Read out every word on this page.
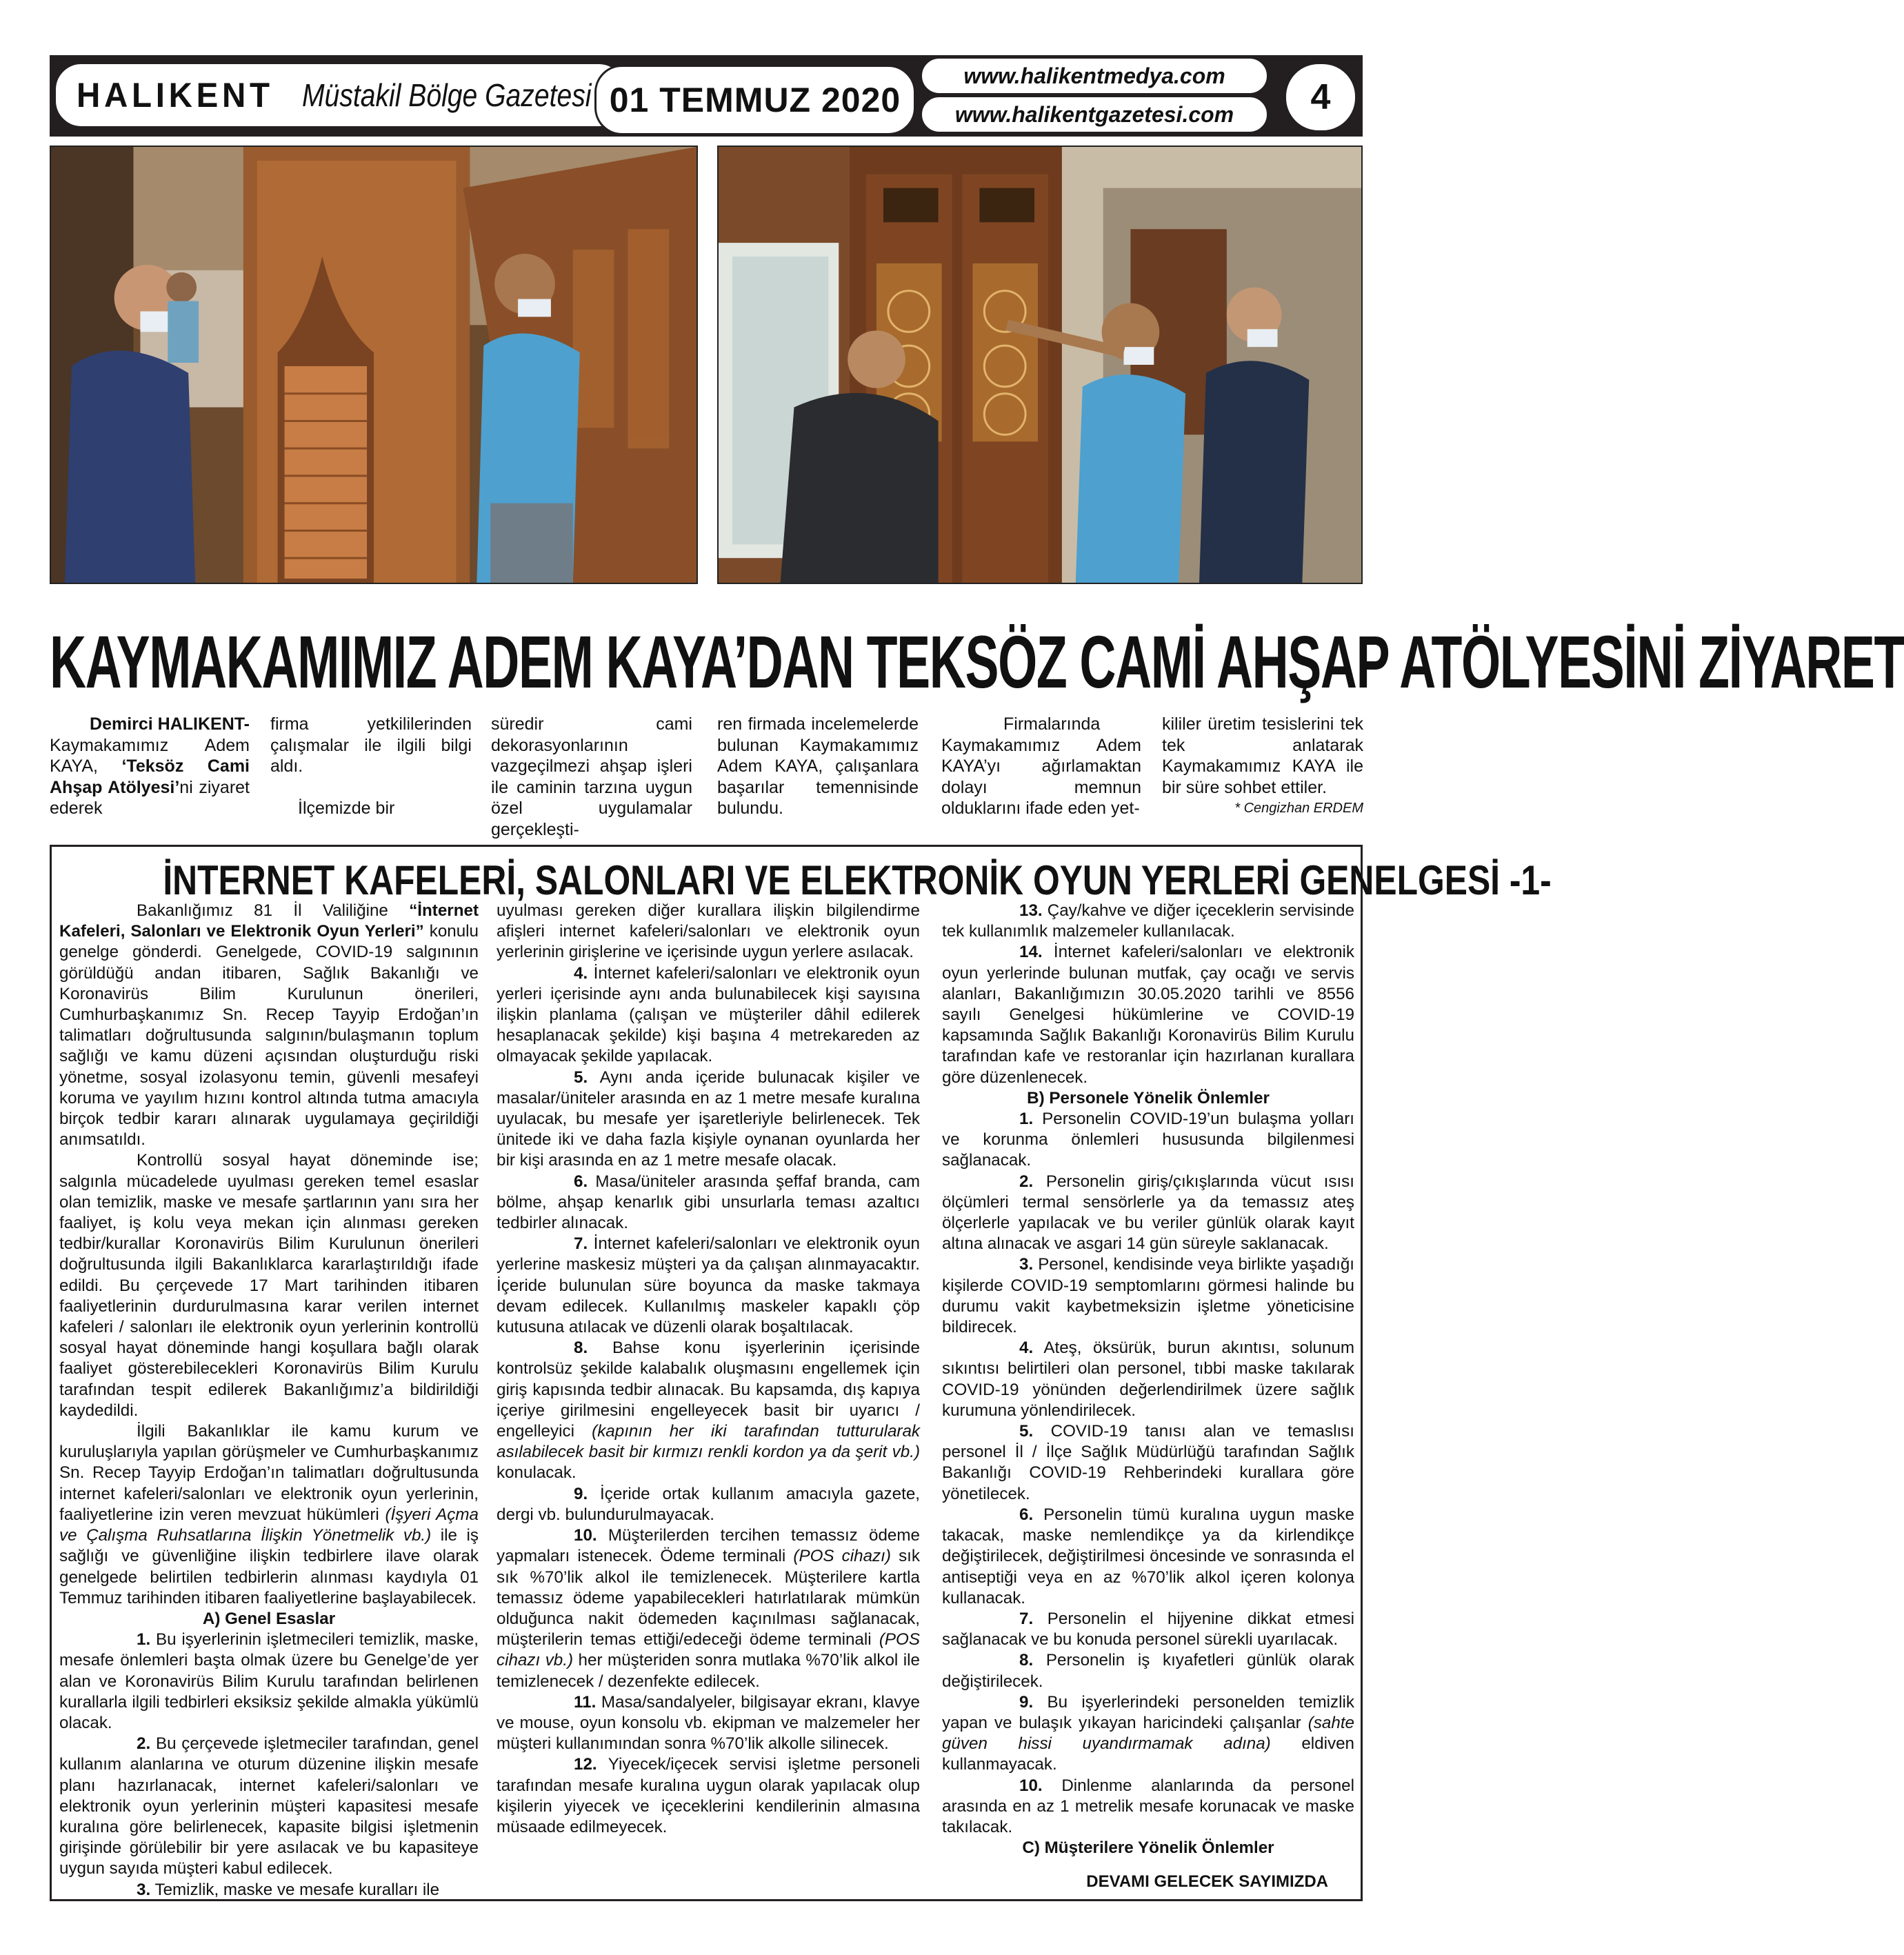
HALIKENT Müstakil Bölge Gazetesi 01 TEMMUZ 2020
www.halikentmedya.com
www.halikentgazetesi.com	4
KAYMAKAMIMIZ ADEM KAYA’DAN TEKSÖZ CAMİ AHŞAP ATÖLYESİNİ ZİYARET

Demirci HALIKENT-

Kaymakamımız Adem KAYA, ‘Teksöz Cami Ahşap Atölyesi’ni ziyaret ederek

firma yetkililerinden çalışmalar ile ilgili bilgi aldı.

İlçemizde bir

süredir cami dekorasyonlarının vazgeçilmezi ahşap işleri ile caminin tarzına uygun özel uygulamalar gerçekleşti-

ren firmada incelemelerde bulunan Kaymakamımız Adem KAYA, çalışanlara başarılar temennisinde bulundu.

Firmalarında Kaymakamımız Adem KAYA’yı ağırlamaktan dolayı memnun olduklarını ifade eden yet-

kililer üretim tesislerini tek tek anlatarak Kaymakamımız KAYA ile bir süre sohbet ettiler.

* Cengizhan ERDEM

İNTERNET KAFELERİ, SALONLARI VE ELEKTRONİK OYUN YERLERİ GENELGESİ -1-

Bakanlığımız 81 İl Valiliğine “İnternet Kafeleri, Salonları ve Elektronik Oyun Yerleri” konulu genelge gönderdi. Genelgede, COVID-19 salgınının görüldüğü andan itibaren, Sağlık Bakanlığı ve Koronavirüs Bilim Kurulunun önerileri, Cumhurbaşkanımız Sn. Recep Tayyip Erdoğan’ın talimatları doğrultusunda salgının/bulaşmanın toplum sağlığı ve kamu düzeni açısından oluşturduğu riski yönetme, sosyal izolasyonu temin, güvenli mesafeyi koruma ve yayılım hızını kontrol altında tutma amacıyla birçok tedbir kararı alınarak uygulamaya geçirildiği anımsatıldı.

Kontrollü sosyal hayat döneminde ise; salgınla mücadelede uyulması gereken temel esaslar olan temizlik, maske ve mesafe şartlarının yanı sıra her faaliyet, iş kolu veya mekan için alınması gereken tedbir/kurallar Koronavirüs Bilim Kurulunun önerileri doğrultusunda ilgili Bakanlıklarca kararlaştırıldığı ifade edildi. Bu çerçevede 17 Mart tarihinden itibaren faaliyetlerinin durdurulmasına karar verilen internet kafeleri / salonları ile elektronik oyun yerlerinin kontrollü sosyal hayat döneminde hangi koşullara bağlı olarak faaliyet gösterebilecekleri Koronavirüs Bilim Kurulu tarafından tespit edilerek Bakanlığımız’a bildirildiği kaydedildi.

İlgili Bakanlıklar ile kamu kurum ve kuruluşlarıyla yapılan görüşmeler ve Cumhurbaşkanımız Sn. Recep Tayyip Erdoğan’ın talimatları doğrultusunda internet kafeleri/salonları ve elektronik oyun yerlerinin, faaliyetlerine izin veren mevzuat hükümleri (İşyeri Açma ve Çalışma Ruhsatlarına İlişkin Yönetmelik vb.) ile iş sağlığı ve güvenliğine ilişkin tedbirlere ilave olarak genelgede belirtilen tedbirlerin alınması kaydıyla 01 Temmuz tarihinden itibaren faaliyetlerine başlayabilecek.

A) Genel Esaslar

1. Bu işyerlerinin işletmecileri temizlik, maske, mesafe önlemleri başta olmak üzere bu Genelge’de yer alan ve Koronavirüs Bilim Kurulu tarafından belirlenen kurallarla ilgili tedbirleri eksiksiz şekilde almakla yükümlü olacak.

2. Bu çerçevede işletmeciler tarafından, genel kullanım alanlarına ve oturum düzenine ilişkin mesafe planı hazırlanacak, internet kafeleri/salonları ve elektronik oyun yerlerinin müşteri kapasitesi mesafe kuralına göre belirlenecek, kapasite bilgisi işletmenin girişinde görülebilir bir yere asılacak ve bu kapasiteye uygun sayıda müşteri kabul edilecek.

3. Temizlik, maske ve mesafe kuralları ile

uyulması gereken diğer kurallara ilişkin bilgilendirme afişleri internet kafeleri/salonları ve elektronik oyun yerlerinin girişlerine ve içerisinde uygun yerlere asılacak.

4. İnternet kafeleri/salonları ve elektronik oyun yerleri içerisinde aynı anda bulunabilecek kişi sayısına ilişkin planlama (çalışan ve müşteriler dâhil edilerek hesaplanacak şekilde) kişi başına 4 metrekareden az olmayacak şekilde yapılacak.

5. Aynı anda içeride bulunacak kişiler ve masalar/üniteler arasında en az 1 metre mesafe kuralına uyulacak, bu mesafe yer işaretleriyle belirlenecek. Tek ünitede iki ve daha fazla kişiyle oynanan oyunlarda her bir kişi arasında en az 1 metre mesafe olacak.

6. Masa/üniteler arasında şeffaf branda, cam bölme, ahşap kenarlık gibi unsurlarla teması azaltıcı tedbirler alınacak.

7. İnternet kafeleri/salonları ve elektronik oyun yerlerine maskesiz müşteri ya da çalışan alınmayacaktır. İçeride bulunulan süre boyunca da maske takmaya devam edilecek. Kullanılmış maskeler kapaklı çöp kutusuna atılacak ve düzenli olarak boşaltılacak.

8. Bahse konu işyerlerinin içerisinde kontrolsüz şekilde kalabalık oluşmasını engellemek için giriş kapısında tedbir alınacak. Bu kapsamda, dış kapıya içeriye girilmesini engelleyecek basit bir uyarıcı / engelleyici (kapının her iki tarafından tutturularak asılabilecek basit bir kırmızı renkli kordon ya da şerit vb.) konulacak.

9. İçeride ortak kullanım amacıyla gazete, dergi vb. bulundurulmayacak.

10. Müşterilerden tercihen temassız ödeme yapmaları istenecek. Ödeme terminali (POS cihazı) sık sık %70’lik alkol ile temizlenecek. Müşterilere kartla temassız ödeme yapabilecekleri hatırlatılarak mümkün olduğunca nakit ödemeden kaçınılması sağlanacak, müşterilerin temas ettiği/edeceği ödeme terminali (POS cihazı vb.) her müşteriden sonra mutlaka %70’lik alkol ile temizlenecek / dezenfekte edilecek.

11. Masa/sandalyeler, bilgisayar ekranı, klavye ve mouse, oyun konsolu vb. ekipman ve malzemeler her müşteri kullanımından sonra %70’lik alkolle silinecek.

12. Yiyecek/içecek servisi işletme personeli tarafından mesafe kuralına uygun olarak yapılacak olup kişilerin yiyecek ve içeceklerini kendilerinin almasına müsaade edilmeyecek.

13. Çay/kahve ve diğer içeceklerin servisinde tek kullanımlık malzemeler kullanılacak.

14. İnternet kafeleri/salonları ve elektronik oyun yerlerinde bulunan mutfak, çay ocağı ve servis alanları, Bakanlığımızın 30.05.2020 tarihli ve 8556 sayılı Genelgesi hükümlerine ve COVID-19 kapsamında Sağlık Bakanlığı Koronavirüs Bilim Kurulu tarafından kafe ve restoranlar için hazırlanan kurallara göre düzenlenecek.

B) Personele Yönelik Önlemler

1. Personelin COVID-19’un bulaşma yolları ve korunma önlemleri hususunda bilgilenmesi sağlanacak.

2. Personelin giriş/çıkışlarında vücut ısısı ölçümleri termal sensörlerle ya da temassız ateş ölçerlerle yapılacak ve bu veriler günlük olarak kayıt altına alınacak ve asgari 14 gün süreyle saklanacak.

3. Personel, kendisinde veya birlikte yaşadığı kişilerde COVID-19 semptomlarını görmesi halinde bu durumu vakit kaybetmeksizin işletme yöneticisine bildirecek.

4. Ateş, öksürük, burun akıntısı, solunum sıkıntısı belirtileri olan personel, tıbbi maske takılarak COVID-19 yönünden değerlendirilmek üzere sağlık kurumuna yönlendirilecek.

5. COVID-19 tanısı alan ve temaslısı personel İl / İlçe Sağlık Müdürlüğü tarafından Sağlık Bakanlığı COVID-19 Rehberindeki kurallara göre yönetilecek.

6. Personelin tümü kuralına uygun maske takacak, maske nemlendikçe ya da kirlendikçe değiştirilecek, değiştirilmesi öncesinde ve sonrasında el antiseptiği veya en az %70’lik alkol içeren kolonya kullanacak.

7. Personelin el hijyenine dikkat etmesi sağlanacak ve bu konuda personel sürekli uyarılacak.

8. Personelin iş kıyafetleri günlük olarak değiştirilecek.

9. Bu işyerlerindeki personelden temizlik yapan ve bulaşık yıkayan haricindeki çalışanlar (sahte güven hissi uyandırmamak adına) eldiven kullanmayacak.

10. Dinlenme alanlarında da personel arasında en az 1 metrelik mesafe korunacak ve maske takılacak.

C) Müşterilere Yönelik Önlemler

DEVAMI GELECEK SAYIMIZDA
